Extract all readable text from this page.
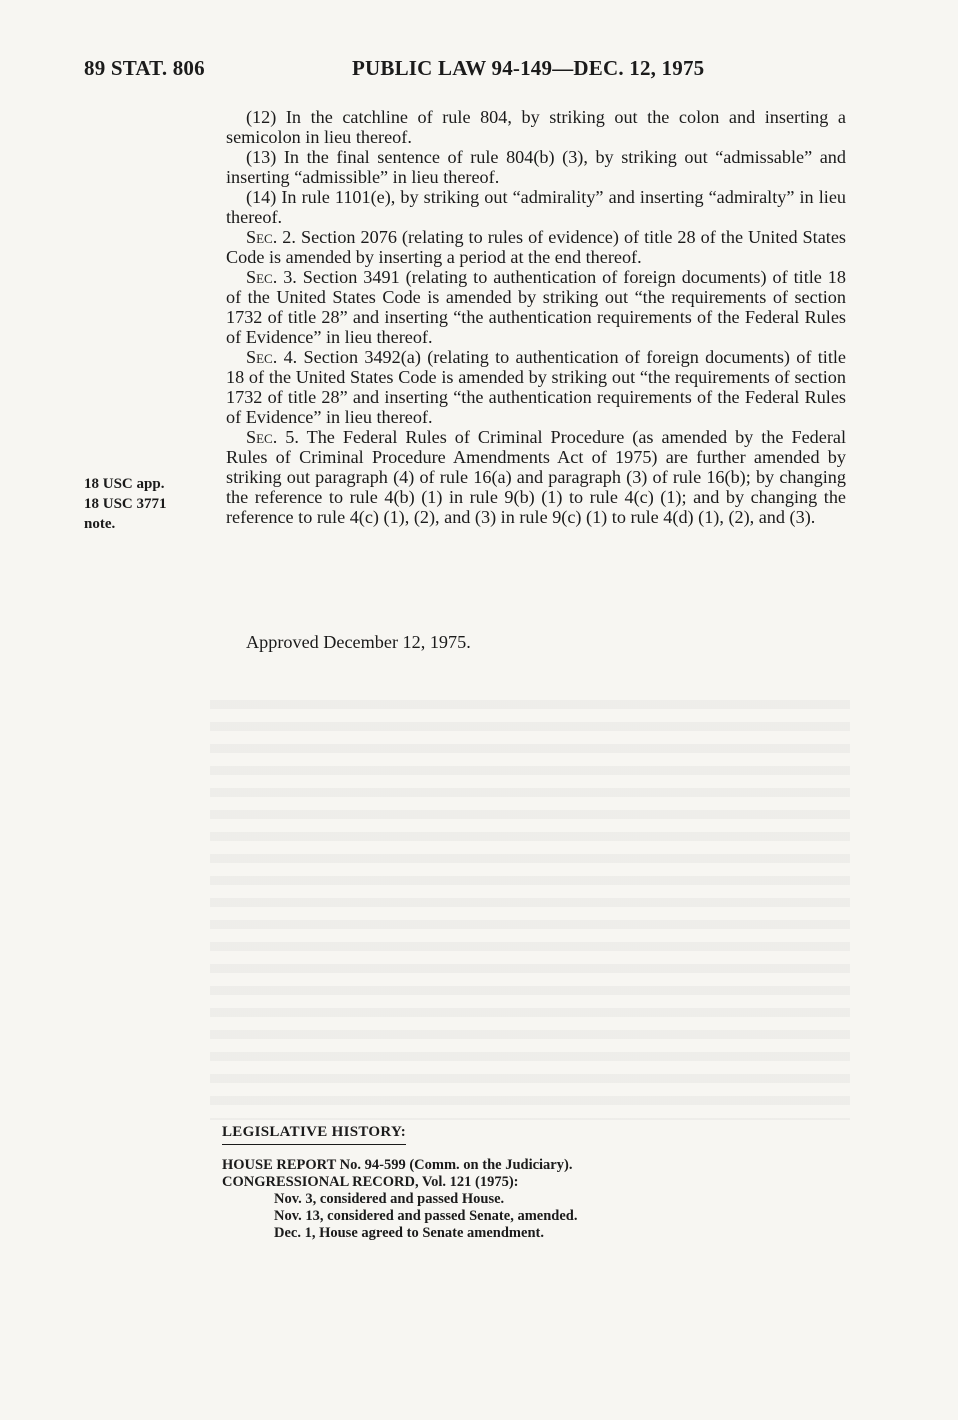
89 STAT. 806	PUBLIC LAW 94-149—DEC. 12, 1975

(12) In the catchline of rule 804, by striking out the colon and inserting a semicolon in lieu thereof.

(13) In the final sentence of rule 804(b) (3), by striking out “admissable” and inserting “admissible” in lieu thereof.

(14) In rule 1101(e), by striking out “admirality” and inserting “admiralty” in lieu thereof.

Sec. 2. Section 2076 (relating to rules of evidence) of title 28 of the United States Code is amended by inserting a period at the end thereof.

Sec. 3. Section 3491 (relating to authentication of foreign documents) of title 18 of the United States Code is amended by striking out “the requirements of section 1732 of title 28” and inserting “the authentication requirements of the Federal Rules of Evidence” in lieu thereof.

Sec. 4. Section 3492(a) (relating to authentication of foreign documents) of title 18 of the United States Code is amended by striking out “the requirements of section 1732 of title 28” and inserting “the authentication requirements of the Federal Rules of Evidence” in lieu thereof.

Sec. 5. The Federal Rules of Criminal Procedure (as amended by the Federal Rules of Criminal Procedure Amendments Act of 1975) are further amended by striking out paragraph (4) of rule 16(a) and paragraph (3) of rule 16(b); by changing the reference to rule 4(b) (1) in rule 9(b) (1) to rule 4(c) (1); and by changing the reference to rule 4(c) (1), (2), and (3) in rule 9(c) (1) to rule 4(d) (1), (2), and (3).

Approved December 12, 1975.
18 USC app.
18 USC 3771
note.
LEGISLATIVE HISTORY:
HOUSE REPORT No. 94-599 (Comm. on the Judiciary).
CONGRESSIONAL RECORD, Vol. 121 (1975):
Nov. 3, considered and passed House.
Nov. 13, considered and passed Senate, amended.
Dec. 1, House agreed to Senate amendment.
